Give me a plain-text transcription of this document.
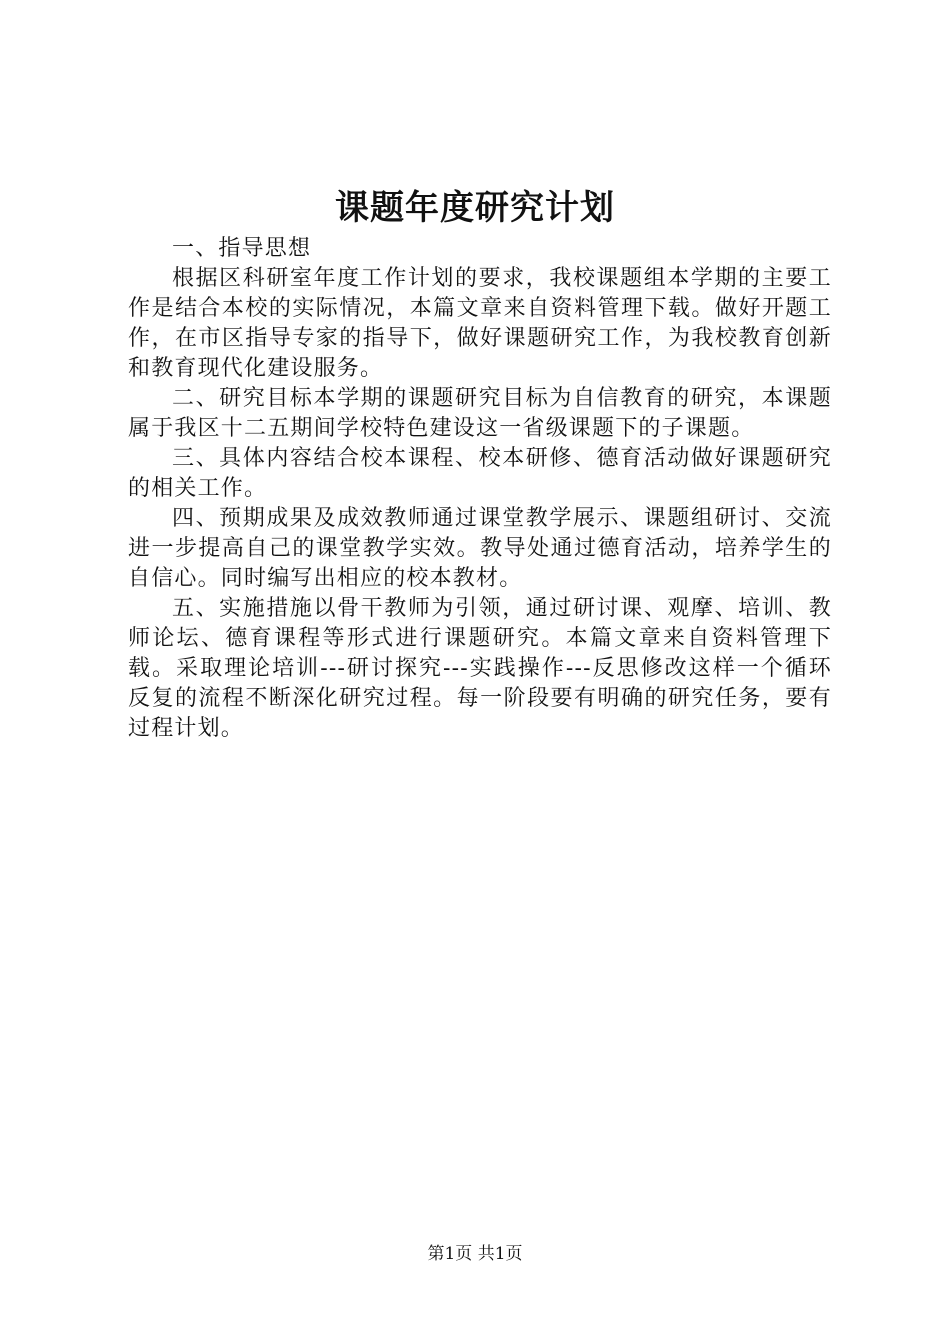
课题年度研究计划

一、指导思想

根据区科研室年度工作计划的要求，我校课题组本学期的主要工作是结合本校的实际情况，本篇文章来自资料管理下载。做好开题工作，在市区指导专家的指导下，做好课题研究工作，为我校教育创新和教育现代化建设服务。

二、研究目标本学期的课题研究目标为自信教育的研究，本课题属于我区十二五期间学校特色建设这一省级课题下的子课题。

三、具体内容结合校本课程、校本研修、德育活动做好课题研究的相关工作。

四、预期成果及成效教师通过课堂教学展示、课题组研讨、交流进一步提高自己的课堂教学实效。教导处通过德育活动，培养学生的自信心。同时编写出相应的校本教材。

五、实施措施以骨干教师为引领，通过研讨课、观摩、培训、教师论坛、德育课程等形式进行课题研究。本篇文章来自资料管理下载。采取理论培训---研讨探究---实践操作---反思修改这样一个循环反复的流程不断深化研究过程。每一阶段要有明确的研究任务，要有过程计划。

第1页 共1页
